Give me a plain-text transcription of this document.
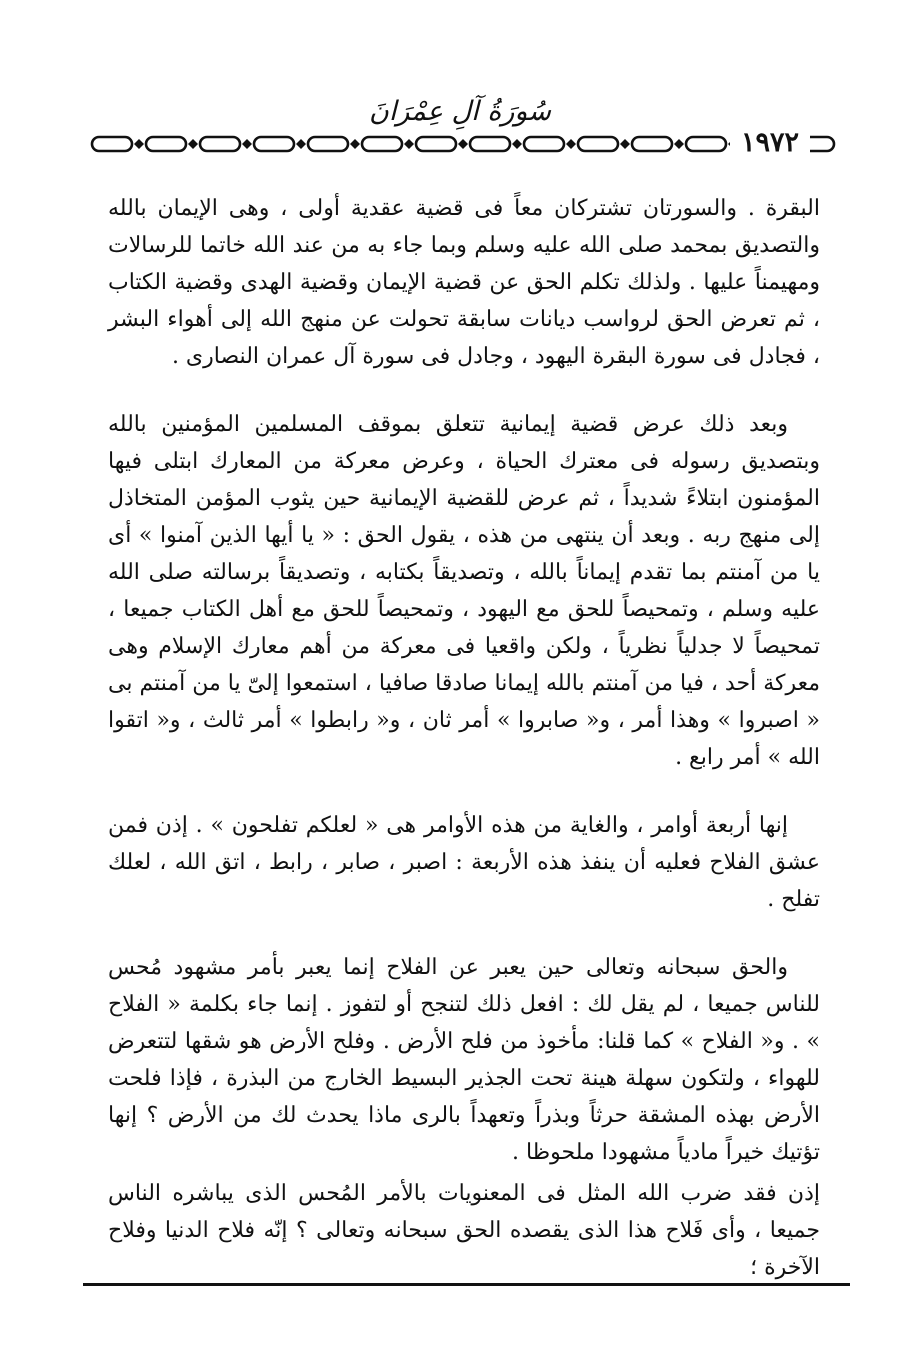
سُورَةُ آلِ عِمْرَانَ
١٩٧٢

البقرة . والسورتان تشتركان معاً فى قضية عقدية أولى ، وهى الإيمان بالله والتصديق بمحمد صلى الله عليه وسلم وبما جاء به من عند الله خاتما للرسالات ومهيمناً عليها . ولذلك تكلم الحق عن قضية الإيمان وقضية الهدى وقضية الكتاب ، ثم تعرض الحق لرواسب ديانات سابقة تحولت عن منهج الله إلى أهواء البشر ، فجادل فى سورة البقرة اليهود ، وجادل فى سورة آل عمران النصارى .

وبعد ذلك عرض قضية إيمانية تتعلق بموقف المسلمين المؤمنين بالله وبتصديق رسوله فى معترك الحياة ، وعرض معركة من المعارك ابتلى فيها المؤمنون ابتلاءً شديداً ، ثم عرض للقضية الإيمانية حين يثوب المؤمن المتخاذل إلى منهج ربه . وبعد أن ينتهى من هذه ، يقول الحق : « يا أيها الذين آمنوا » أى يا من آمنتم بما تقدم إيماناً بالله ، وتصديقاً بكتابه ، وتصديقاً برسالته صلى الله عليه وسلم ، وتمحيصاً للحق مع اليهود ، وتمحيصاً للحق مع أهل الكتاب جميعا ، تمحيصاً لا جدلياً نظرياً ، ولكن واقعيا فى معركة من أهم معارك الإسلام وهى معركة أحد ، فيا من آمنتم بالله إيمانا صادقا صافيا ، استمعوا إلىّ يا من آمنتم بى « اصبروا » وهذا أمر ، و« صابروا » أمر ثان ، و« رابطوا » أمر ثالث ، و« اتقوا الله » أمر رابع .

إنها أربعة أوامر ، والغاية من هذه الأوامر هى « لعلكم تفلحون » . إذن فمن عشق الفلاح فعليه أن ينفذ هذه الأربعة : اصبر ، صابر ، رابط ، اتق الله ، لعلك تفلح .

والحق سبحانه وتعالى حين يعبر عن الفلاح إنما يعبر بأمر مشهود مُحس للناس جميعا ، لم يقل لك : افعل ذلك لتنجح أو لتفوز . إنما جاء بكلمة « الفلاح » . و« الفلاح » كما قلنا: مأخوذ من فلح الأرض . وفلح الأرض هو شقها لتتعرض للهواء ، ولتكون سهلة هينة تحت الجذير البسيط الخارج من البذرة ، فإذا فلحت الأرض بهذه المشقة حرثاً وبذراً وتعهداً بالرى ماذا يحدث لك من الأرض ؟ إنها تؤتيك خيراً مادياً مشهودا ملحوظا .

إذن فقد ضرب الله المثل فى المعنويات بالأمر المُحس الذى يباشره الناس جميعا ، وأى فَلاح هذا الذى يقصده الحق سبحانه وتعالى ؟ إنّه فلاح الدنيا وفلاح الآخرة ؛
